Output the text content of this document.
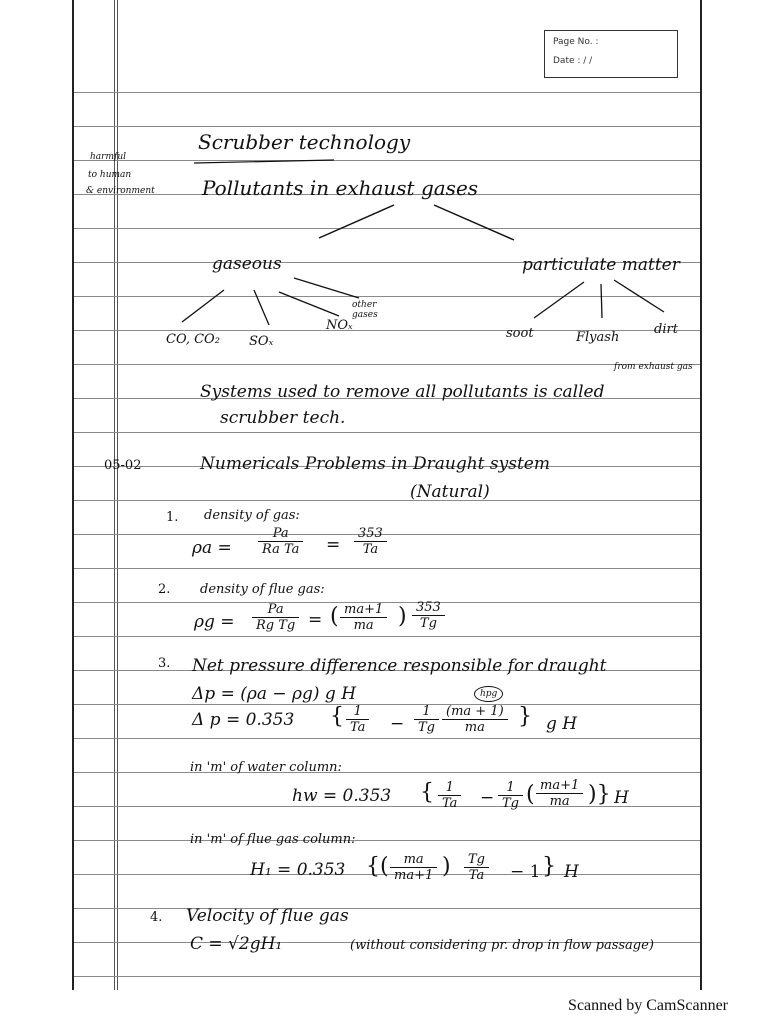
Page No. :
Date : / /
harmful
to human
& environment
Scrubber technology
Pollutants in exhaust gases
gaseous	particulate matter
CO, CO₂ SOₓ
NOₓ
other gases
soot	Flyash
dirt
from exhaust gas
Systems used to remove all pollutants is called
scrubber tech.
05-02	Numericals Problems in Draught system
(Natural)
1. density of gas:
$\rho a = \frac{Pa}{\text{Ra Ta}} = \frac{353}{Ta}$
2. density of flue gas:
$\rho g = \frac{Pa}{\text{Rg Tg}}$ = ( $\frac{ma+1}{ma}$ ) $\frac{353}{Tg}$
3. Net pressure difference responsible for draught
Δp = (ρa − ρg) g H	hpg
Δ p = 0.353 { $\frac{1}{Ta} - \frac{1}{Tg} \frac{(ma + 1)}{ma}$ } g H
in 'm' of water column:
hw = 0.353 { $\frac{1}{Ta} - \frac{1}{Tg}$ ( $\frac{ma+1}{ma}$ )} H
in 'm' of flue gas column:
H₁ = 0.353 {( $\frac{ma}{ma+1}$ ) $\frac{Tg}{Ta} - 1$ } H
4. Velocity of flue gas
C = √2gH₁	(without considering pr. drop in flow passage)
Scanned by CamScanner
